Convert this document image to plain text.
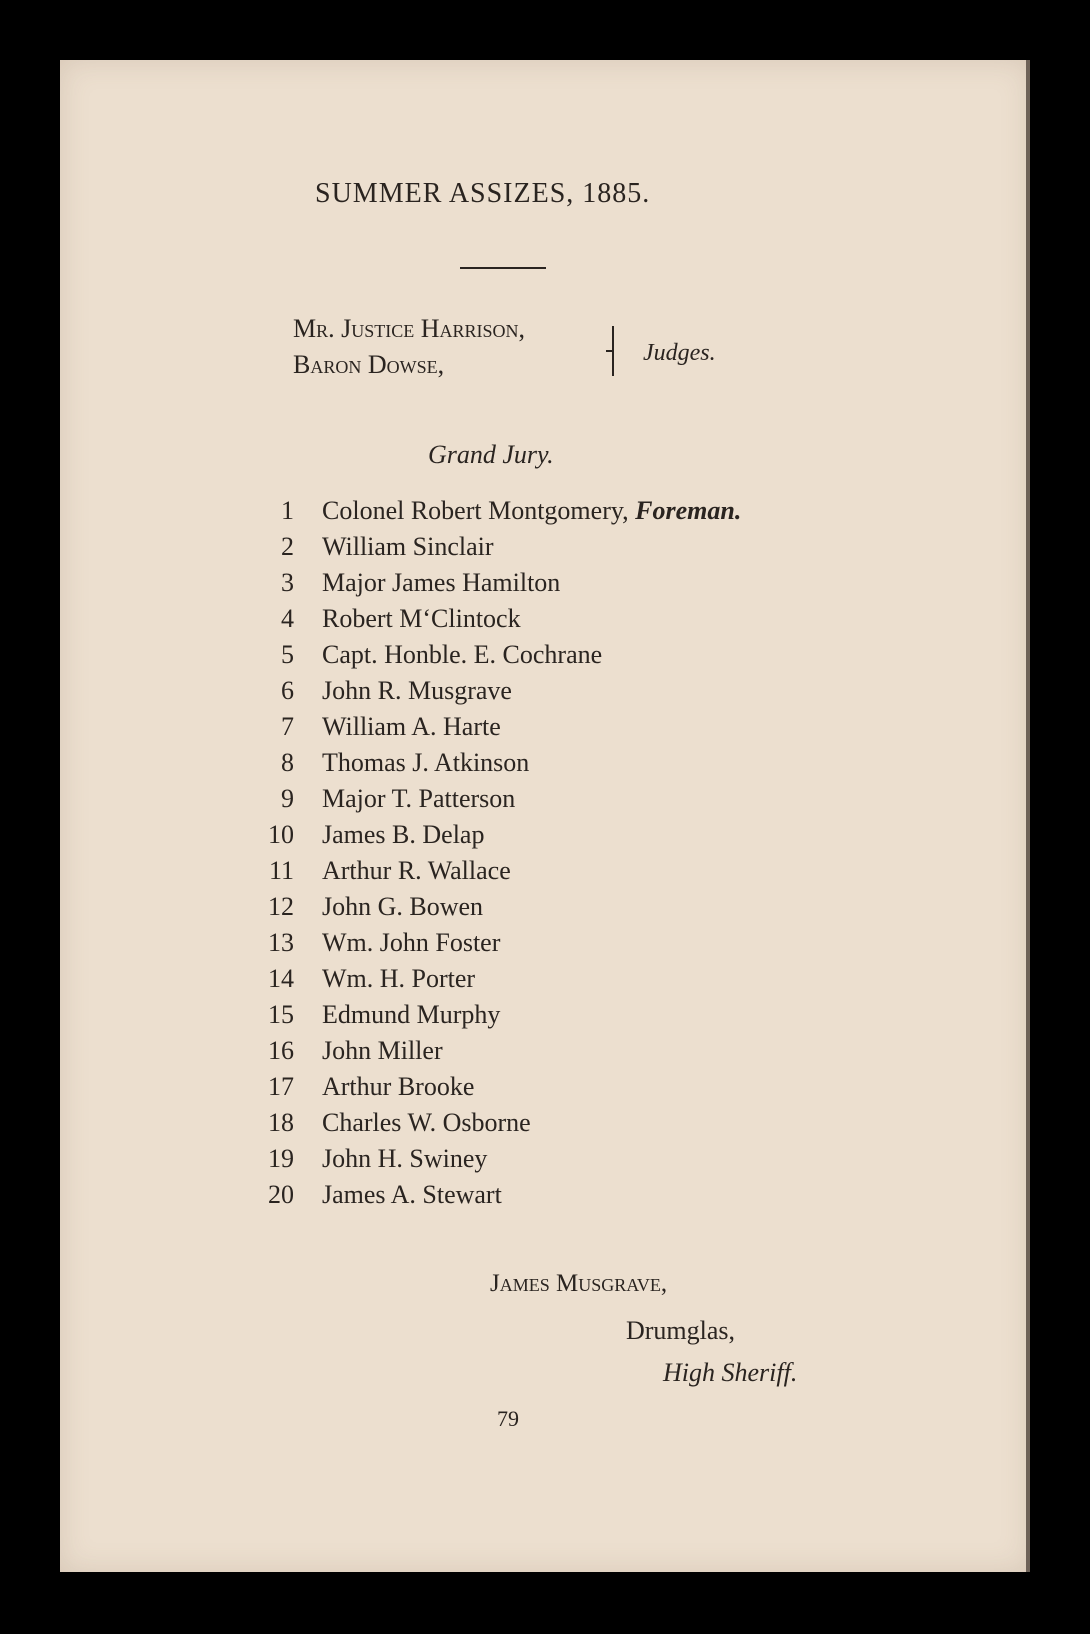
SUMMER ASSIZES, 1885.
Mr. Justice Harrison,
Baron Dowse,	Judges.
Grand Jury.
1 Colonel Robert Montgomery, Foreman.
2 William Sinclair
3 Major James Hamilton
4 Robert M‘Clintock
5 Capt. Honble. E. Cochrane
6 John R. Musgrave
7 William A. Harte
8 Thomas J. Atkinson
9 Major T. Patterson
10 James B. Delap
11 Arthur R. Wallace
12 John G. Bowen
13 Wm. John Foster
14 Wm. H. Porter
15 Edmund Murphy
16 John Miller
17 Arthur Brooke
18 Charles W. Osborne
19 John H. Swiney
20 James A. Stewart
James Musgrave,
Drumglas,
High Sheriff.
79
